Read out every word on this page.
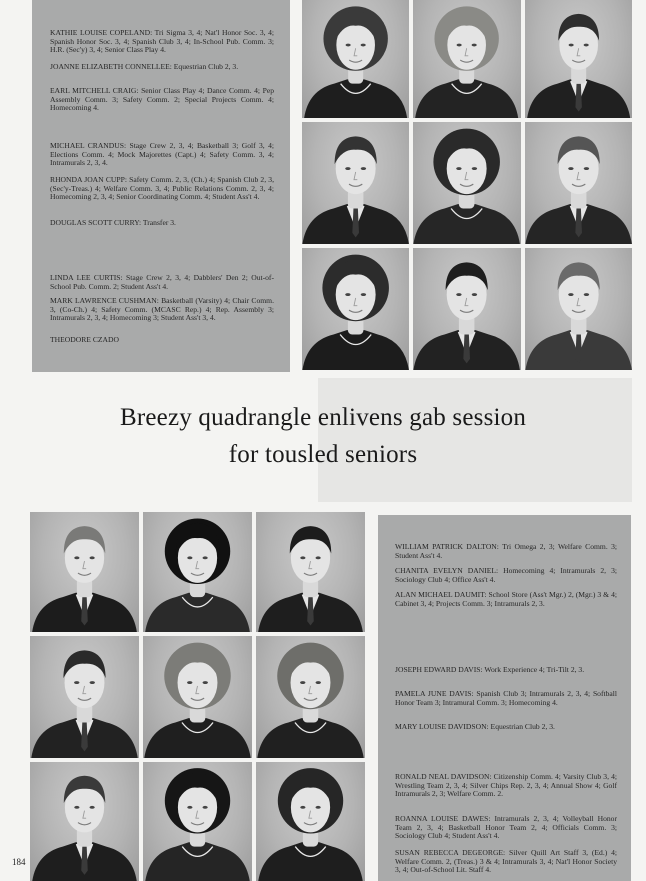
KATHIE LOUISE COPELAND: Tri Sigma 3, 4; Nat'l Honor Soc. 3, 4; Spanish Honor Soc. 3, 4; Spanish Club 3, 4; In-School Pub. Comm. 3; H.R. (Sec'y) 3, 4; Senior Class Play 4.

JOANNE ELIZABETH CONNELLEE: Equestrian Club 2, 3.

EARL MITCHELL CRAIG: Senior Class Play 4; Dance Comm. 4; Pep Assembly Comm. 3; Safety Comm. 2; Special Projects Comm. 4; Homecoming 4.

MICHAEL CRANDUS: Stage Crew 2, 3, 4; Basketball 3; Golf 3, 4; Elections Comm. 4; Mock Majorettes (Capt.) 4; Safety Comm. 3, 4; Intramurals 2, 3, 4.

RHONDA JOAN CUPP: Safety Comm. 2, 3, (Ch.) 4; Spanish Club 2, 3, (Sec'y-Treas.) 4; Welfare Comm. 3, 4; Public Relations Comm. 2, 3, 4; Homecoming 2, 3, 4; Senior Coordinating Comm. 4; Student Ass't 4.

DOUGLAS SCOTT CURRY: Transfer 3.

LINDA LEE CURTIS: Stage Crew 2, 3, 4; Dabblers' Den 2; Out-of-School Pub. Comm. 2; Student Ass't 4.

MARK LAWRENCE CUSHMAN: Basketball (Varsity) 4; Chair Comm. 3, (Co-Ch.) 4; Safety Comm. (MCASC Rep.) 4; Rep. Assembly 3; Intramurals 2, 3, 4; Homecoming 3; Student Ass't 3, 4.

THEODORE CZADO

Breezy quadrangle enlivens gab session
for tousled seniors

WILLIAM PATRICK DALTON: Tri Omega 2, 3; Welfare Comm. 3; Student Ass't 4.

CHANITA EVELYN DANIEL: Homecoming 4; Intramurals 2, 3; Sociology Club 4; Office Ass't 4.

ALAN MICHAEL DAUMIT: School Store (Ass't Mgr.) 2, (Mgr.) 3 & 4; Cabinet 3, 4; Projects Comm. 3; Intramurals 2, 3.

JOSEPH EDWARD DAVIS: Work Experience 4; Tri-Tilt 2, 3.

PAMELA JUNE DAVIS: Spanish Club 3; Intramurals 2, 3, 4; Softball Honor Team 3; Intramural Comm. 3; Homecoming 4.

MARY LOUISE DAVIDSON: Equestrian Club 2, 3.

RONALD NEAL DAVIDSON: Citizenship Comm. 4; Varsity Club 3, 4; Wrestling Team 2, 3, 4; Silver Chips Rep. 2, 3, 4; Annual Show 4; Golf Intramurals 2, 3; Welfare Comm. 2.

ROANNA LOUISE DAWES: Intramurals 2, 3, 4; Volleyball Honor Team 2, 3, 4; Basketball Honor Team 2, 4; Officials Comm. 3; Sociology Club 4; Student Ass't 4.

SUSAN REBECCA DEGEORGE: Silver Quill Art Staff 3, (Ed.) 4; Welfare Comm. 2, (Treas.) 3 & 4; Intramurals 3, 4; Nat'l Honor Society 3, 4; Out-of-School Lit. Staff 4.

184
